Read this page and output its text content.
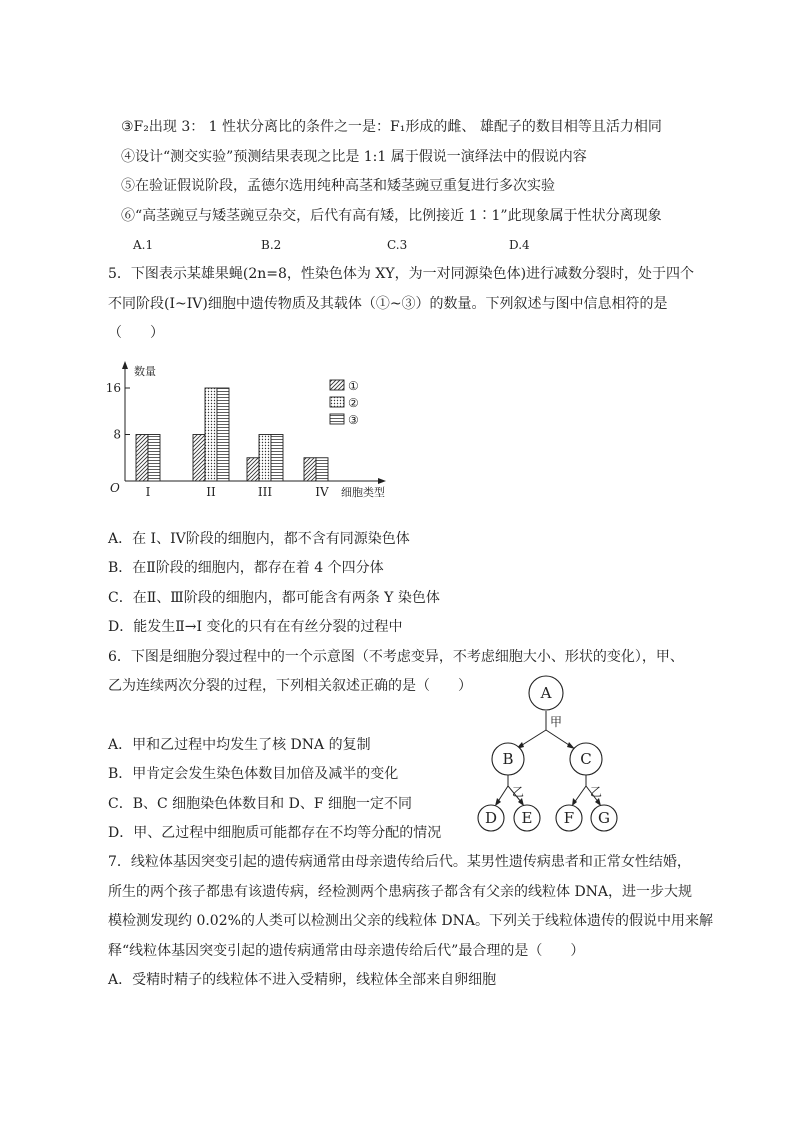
③F₂出现 3： 1 性状分离比的条件之一是：F₁形成的雌、 雄配子的数目相等且活力相同
④设计“测交实验”预测结果表现之比是 1:1 属于假说一演绎法中的假说内容
⑤在验证假说阶段，孟德尔选用纯种高茎和矮茎豌豆重复进行多次实验
⑥“高茎豌豆与矮茎豌豆杂交，后代有高有矮，比例接近 1∶1”此现象属于性状分离现象
A.1	B.2	C.3	D.4
5．下图表示某雄果蝇(2n=8，性染色体为 XY，为一对同源染色体)进行减数分裂时，处于四个
不同阶段(I~IV)细胞中遗传物质及其载体（①~③）的数量。下列叙述与图中信息相符的是
（　　）
数量
细胞类型
O I	II	III	IV
8
16	①
②
③
A．在 I、IV阶段的细胞内，都不含有同源染色体
B．在Ⅱ阶段的细胞内，都存在着 4 个四分体
C．在Ⅱ、Ⅲ阶段的细胞内，都可能含有两条 Y 染色体
D．能发生Ⅱ→I 变化的只有在有丝分裂的过程中
6．下图是细胞分裂过程中的一个示意图（不考虑变异，不考虑细胞大小、形状的变化），甲、
乙为连续两次分裂的过程，下列相关叙述正确的是（　　）	A
B	C
D E F G
甲
乙	乙
A．甲和乙过程中均发生了核 DNA 的复制
B．甲肯定会发生染色体数目加倍及减半的变化
C．B、C 细胞染色体数目和 D、F 细胞一定不同
D．甲、乙过程中细胞质可能都存在不均等分配的情况
7．线粒体基因突变引起的遗传病通常由母亲遗传给后代。某男性遗传病患者和正常女性结婚，
所生的两个孩子都患有该遗传病，经检测两个患病孩子都含有父亲的线粒体 DNA，进一步大规
模检测发现约 0.02%的人类可以检测出父亲的线粒体 DNA。下列关于线粒体遗传的假说中用来解
释“线粒体基因突变引起的遗传病通常由母亲遗传给后代”最合理的是（　　）
A．受精时精子的线粒体不进入受精卵，线粒体全部来自卵细胞
